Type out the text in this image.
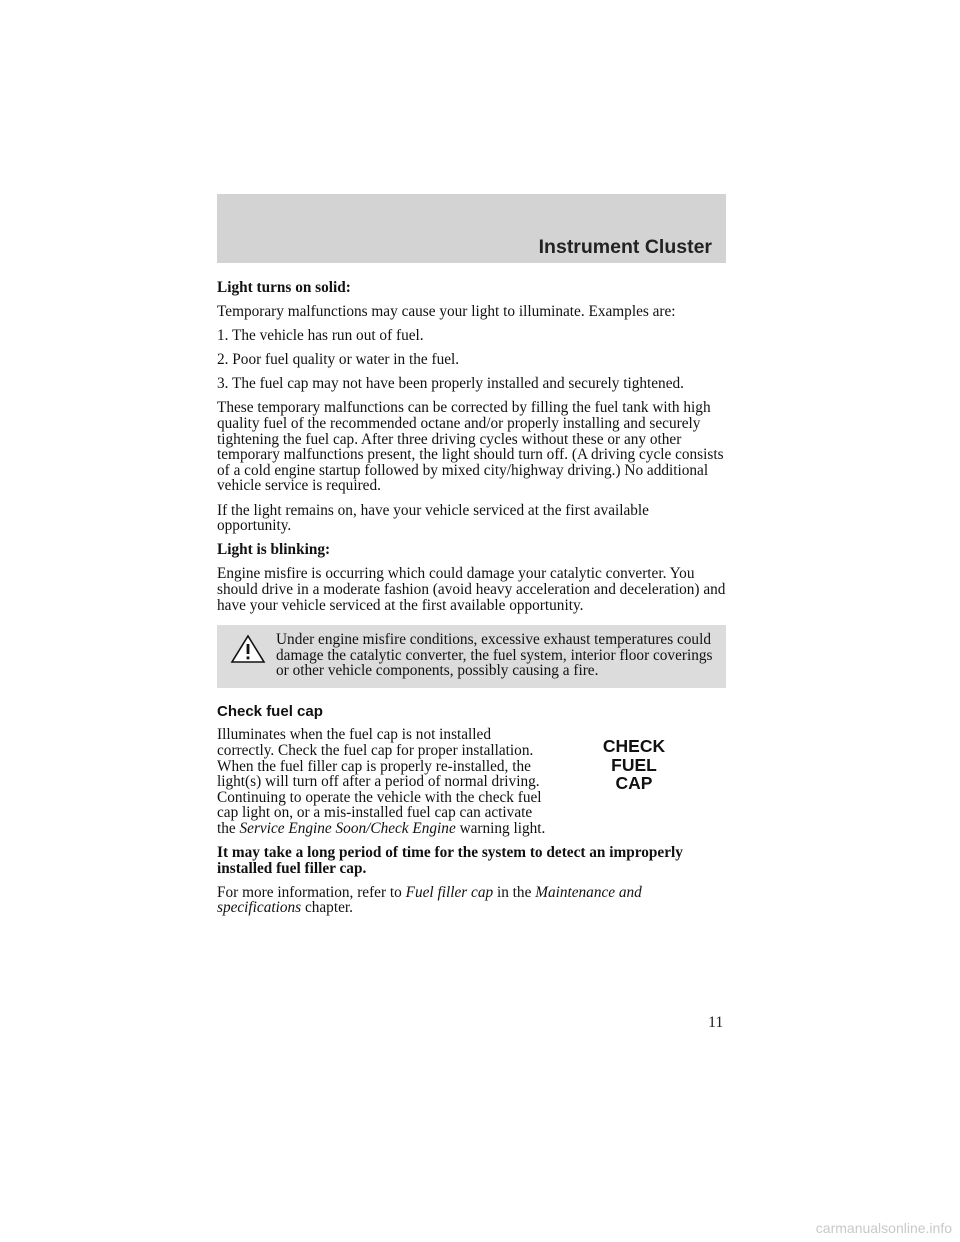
Instrument Cluster

Light turns on solid:

Temporary malfunctions may cause your light to illuminate. Examples are:

1. The vehicle has run out of fuel.

2. Poor fuel quality or water in the fuel.

3. The fuel cap may not have been properly installed and securely tightened.

These temporary malfunctions can be corrected by filling the fuel tank with high quality fuel of the recommended octane and/or properly installing and securely tightening the fuel cap. After three driving cycles without these or any other temporary malfunctions present, the light should turn off. (A driving cycle consists of a cold engine startup followed by mixed city/highway driving.) No additional vehicle service is required.

If the light remains on, have your vehicle serviced at the first available opportunity.

Light is blinking:

Engine misfire is occurring which could damage your catalytic converter. You should drive in a moderate fashion (avoid heavy acceleration and deceleration) and have your vehicle serviced at the first available opportunity.

Under engine misfire conditions, excessive exhaust temperatures could damage the catalytic converter, the fuel system, interior floor coverings or other vehicle components, possibly causing a fire.

Check fuel cap
CHECK
FUEL
CAP

Illuminates when the fuel cap is not installed correctly. Check the fuel cap for proper installation. When the fuel filler cap is properly re-installed, the light(s) will turn off after a period of normal driving. Continuing to operate the vehicle with the check fuel cap light on, or a mis-installed fuel cap can activate the Service Engine Soon/Check Engine warning light.

It may take a long period of time for the system to detect an improperly installed fuel filler cap.

For more information, refer to Fuel filler cap in the Maintenance and specifications chapter.

11
carmanualsonline.info
